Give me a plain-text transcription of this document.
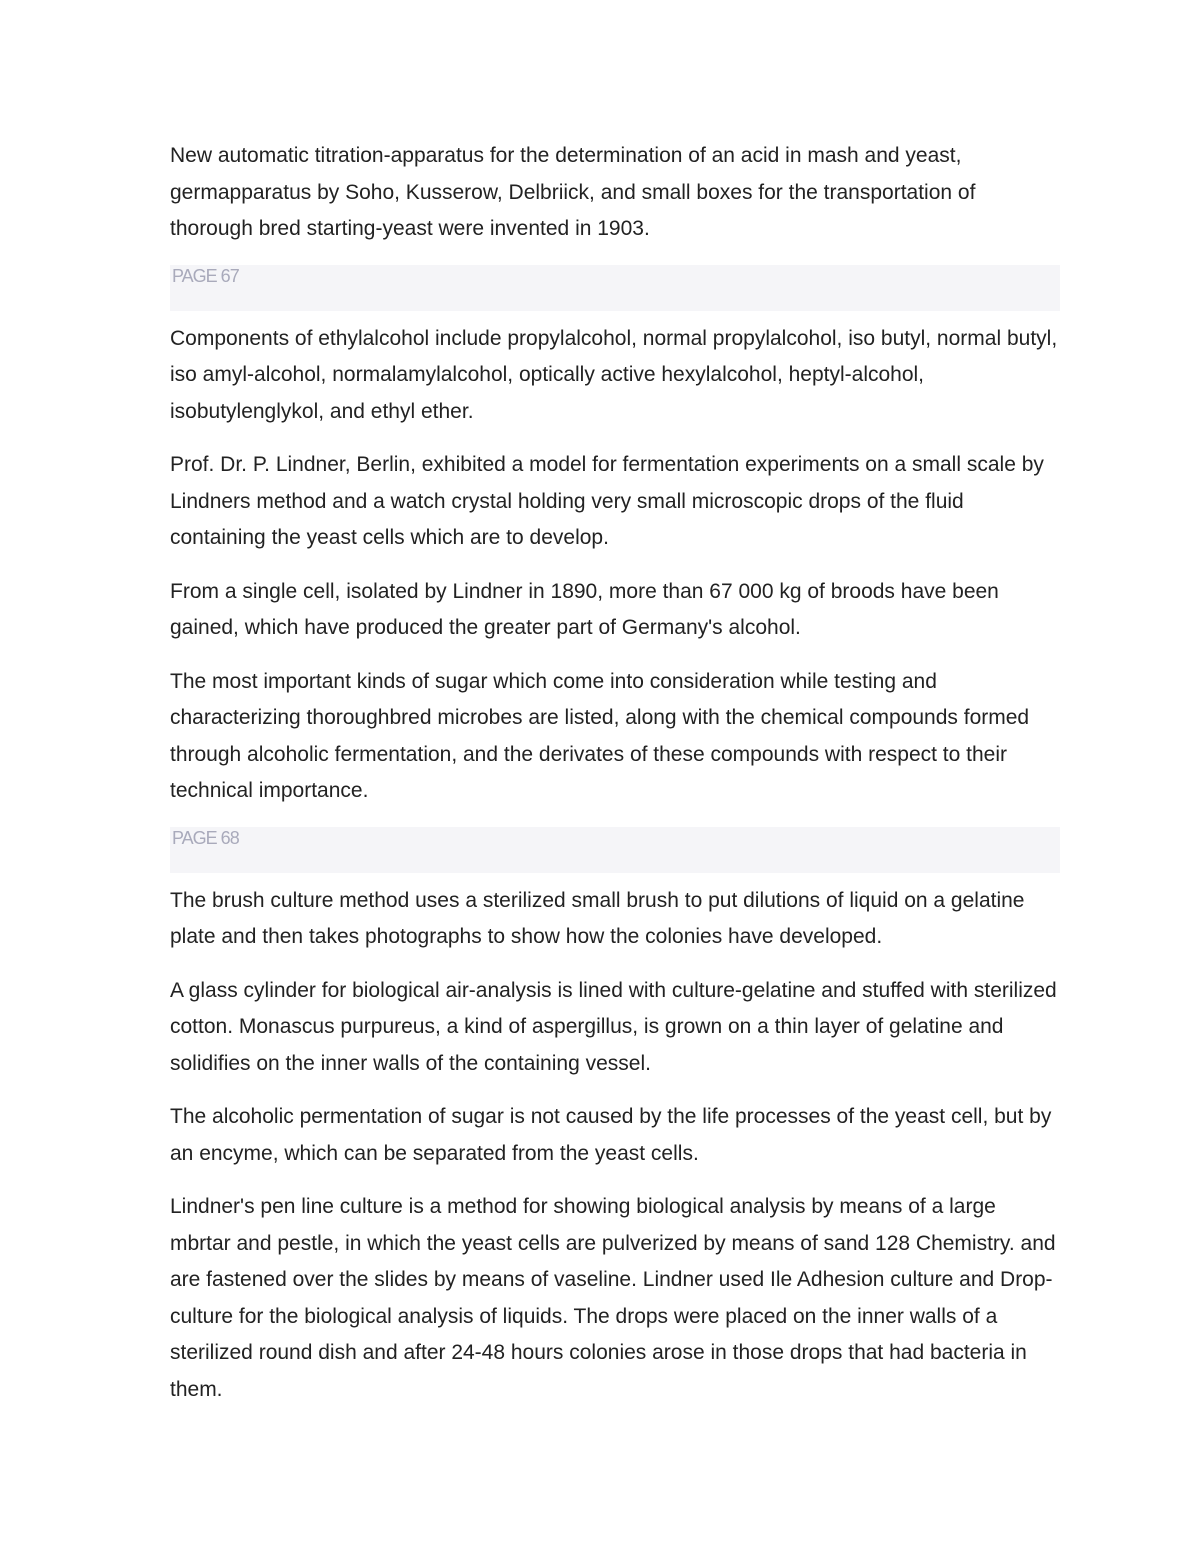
New automatic titration-apparatus for the determination of an acid in mash and yeast, germapparatus by Soho, Kusserow, Delbriick, and small boxes for the transportation of thorough bred starting-yeast were invented in 1903.

PAGE 67

Components of ethylalcohol include propylalcohol, normal propylalcohol, iso butyl, normal butyl, iso amyl-alcohol, normalamylalcohol, optically active hexylalcohol, heptyl-alcohol, isobutylenglykol, and ethyl ether.

Prof. Dr. P. Lindner, Berlin, exhibited a model for fermentation experiments on a small scale by Lindners method and a watch crystal holding very small microscopic drops of the fluid containing the yeast cells which are to develop.

From a single cell, isolated by Lindner in 1890, more than 67 000 kg of broods have been gained, which have produced the greater part of Germany's alcohol.

The most important kinds of sugar which come into consideration while testing and characterizing thoroughbred microbes are listed, along with the chemical compounds formed through alcoholic fermentation, and the derivates of these compounds with respect to their technical importance.

PAGE 68

The brush culture method uses a sterilized small brush to put dilutions of liquid on a gelatine plate and then takes photographs to show how the colonies have developed.

A glass cylinder for biological air-analysis is lined with culture-gelatine and stuffed with sterilized cotton. Monascus purpureus, a kind of aspergillus, is grown on a thin layer of gelatine and solidifies on the inner walls of the containing vessel.

The alcoholic permentation of sugar is not caused by the life processes of the yeast cell, but by an encyme, which can be separated from the yeast cells.

Lindner's pen line culture is a method for showing biological analysis by means of a large mbrtar and pestle, in which the yeast cells are pulverized by means of sand 128 Chemistry. and are fastened over the slides by means of vaseline. Lindner used Ile Adhesion culture and Drop-culture for the biological analysis of liquids. The drops were placed on the inner walls of a sterilized round dish and after 24-48 hours colonies arose in those drops that had bacteria in them.
